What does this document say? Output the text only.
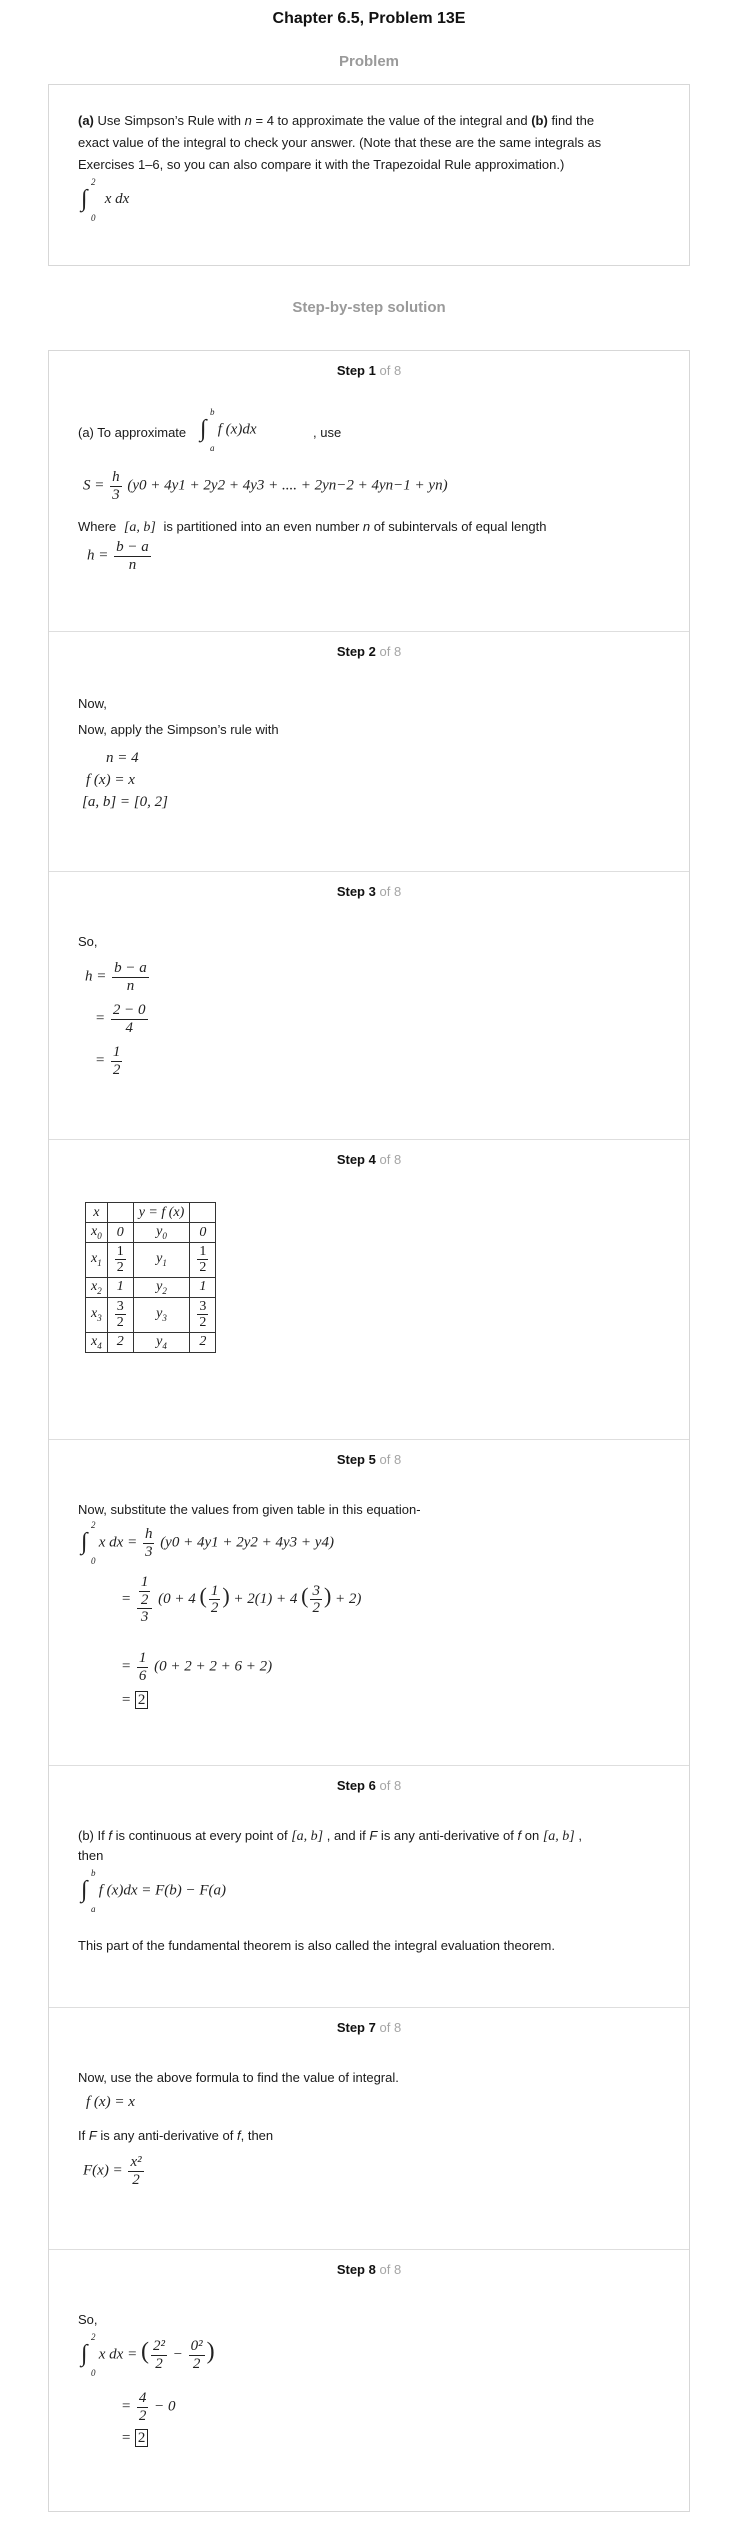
Chapter 6.5, Problem 13E
Problem
(a) Use Simpson’s Rule with n = 4 to approximate the value of the integral and (b) find the
exact value of the integral to check your answer. (Note that these are the same integrals as
Exercises 1–6, so you can also compare it with the Trapezoidal Rule approximation.)
∫
2
0
x dx
Step-by-step solution
Step 1 of 8
(a) To approximate ∫
b
a
f (x)dx	, use
$S = \frac{h}{3} (y0 + 4y1 + 2y2 + 4y3$ + .... + 2yn−2 + 4yn−1 + yn)
Where [a, b] is partitioned into an even number n of subintervals of equal length
$h = \frac{b - a}{n}$
Step 2 of 8
Now,
Now, apply the Simpson’s rule with
n = 4
f (x) = x
[a, b] = [0, 2]
Step 3 of 8
So,
$h = \frac{b - a}{n}$
= $\frac{2 - 0}{4}$
= $\frac{1}{2}$
Step 4 of 8
x		y = f (x)	
$x_0$	0	$y_0$	0
$x_1$	$\frac{1}{2}$	$y_1$	$\frac{1}{2}$

$x_2$	1	$y_2$	1
$x_3$	$\frac{3}{2}$	$y_3$	$\frac{3}{2}$

$x_4$	2	$y_4$	2
Step 5 of 8
Now, substitute the values from given table in this equation-
∫
2
0
x dx = $\frac{h}{3} (y0 + 4y1 + 2y2 + 4y3 + y4)$
= $\frac{\frac{1}{2}}{3} (0 + 4$ ( $\frac{1}{2}$ ) + 2(1) + 4 ( $\frac{3}{2}$ ) + 2)
= $\frac{1}{6} (0 + 2 + 2 + 6 + 2)$
= 2
Step 6 of 8
(b) If f is continuous at every point of [a, b] , and if F is any anti-derivative of f on [a, b] ,
then
∫
b
a
f (x)dx = F(b) − F(a)
This part of the fundamental theorem is also called the integral evaluation theorem.
Step 7 of 8
Now, use the above formula to find the value of integral.
f (x) = x
If F is any anti-derivative of f, then
$F(x) = \frac{\text{x²}}{2}$
Step 8 of 8
So,
∫
2
0
x dx = ( $\frac{\text{2²}}{2} - \frac{\text{0²}}{2}$ )
= $\frac{4}{2} - 0$
= 2
